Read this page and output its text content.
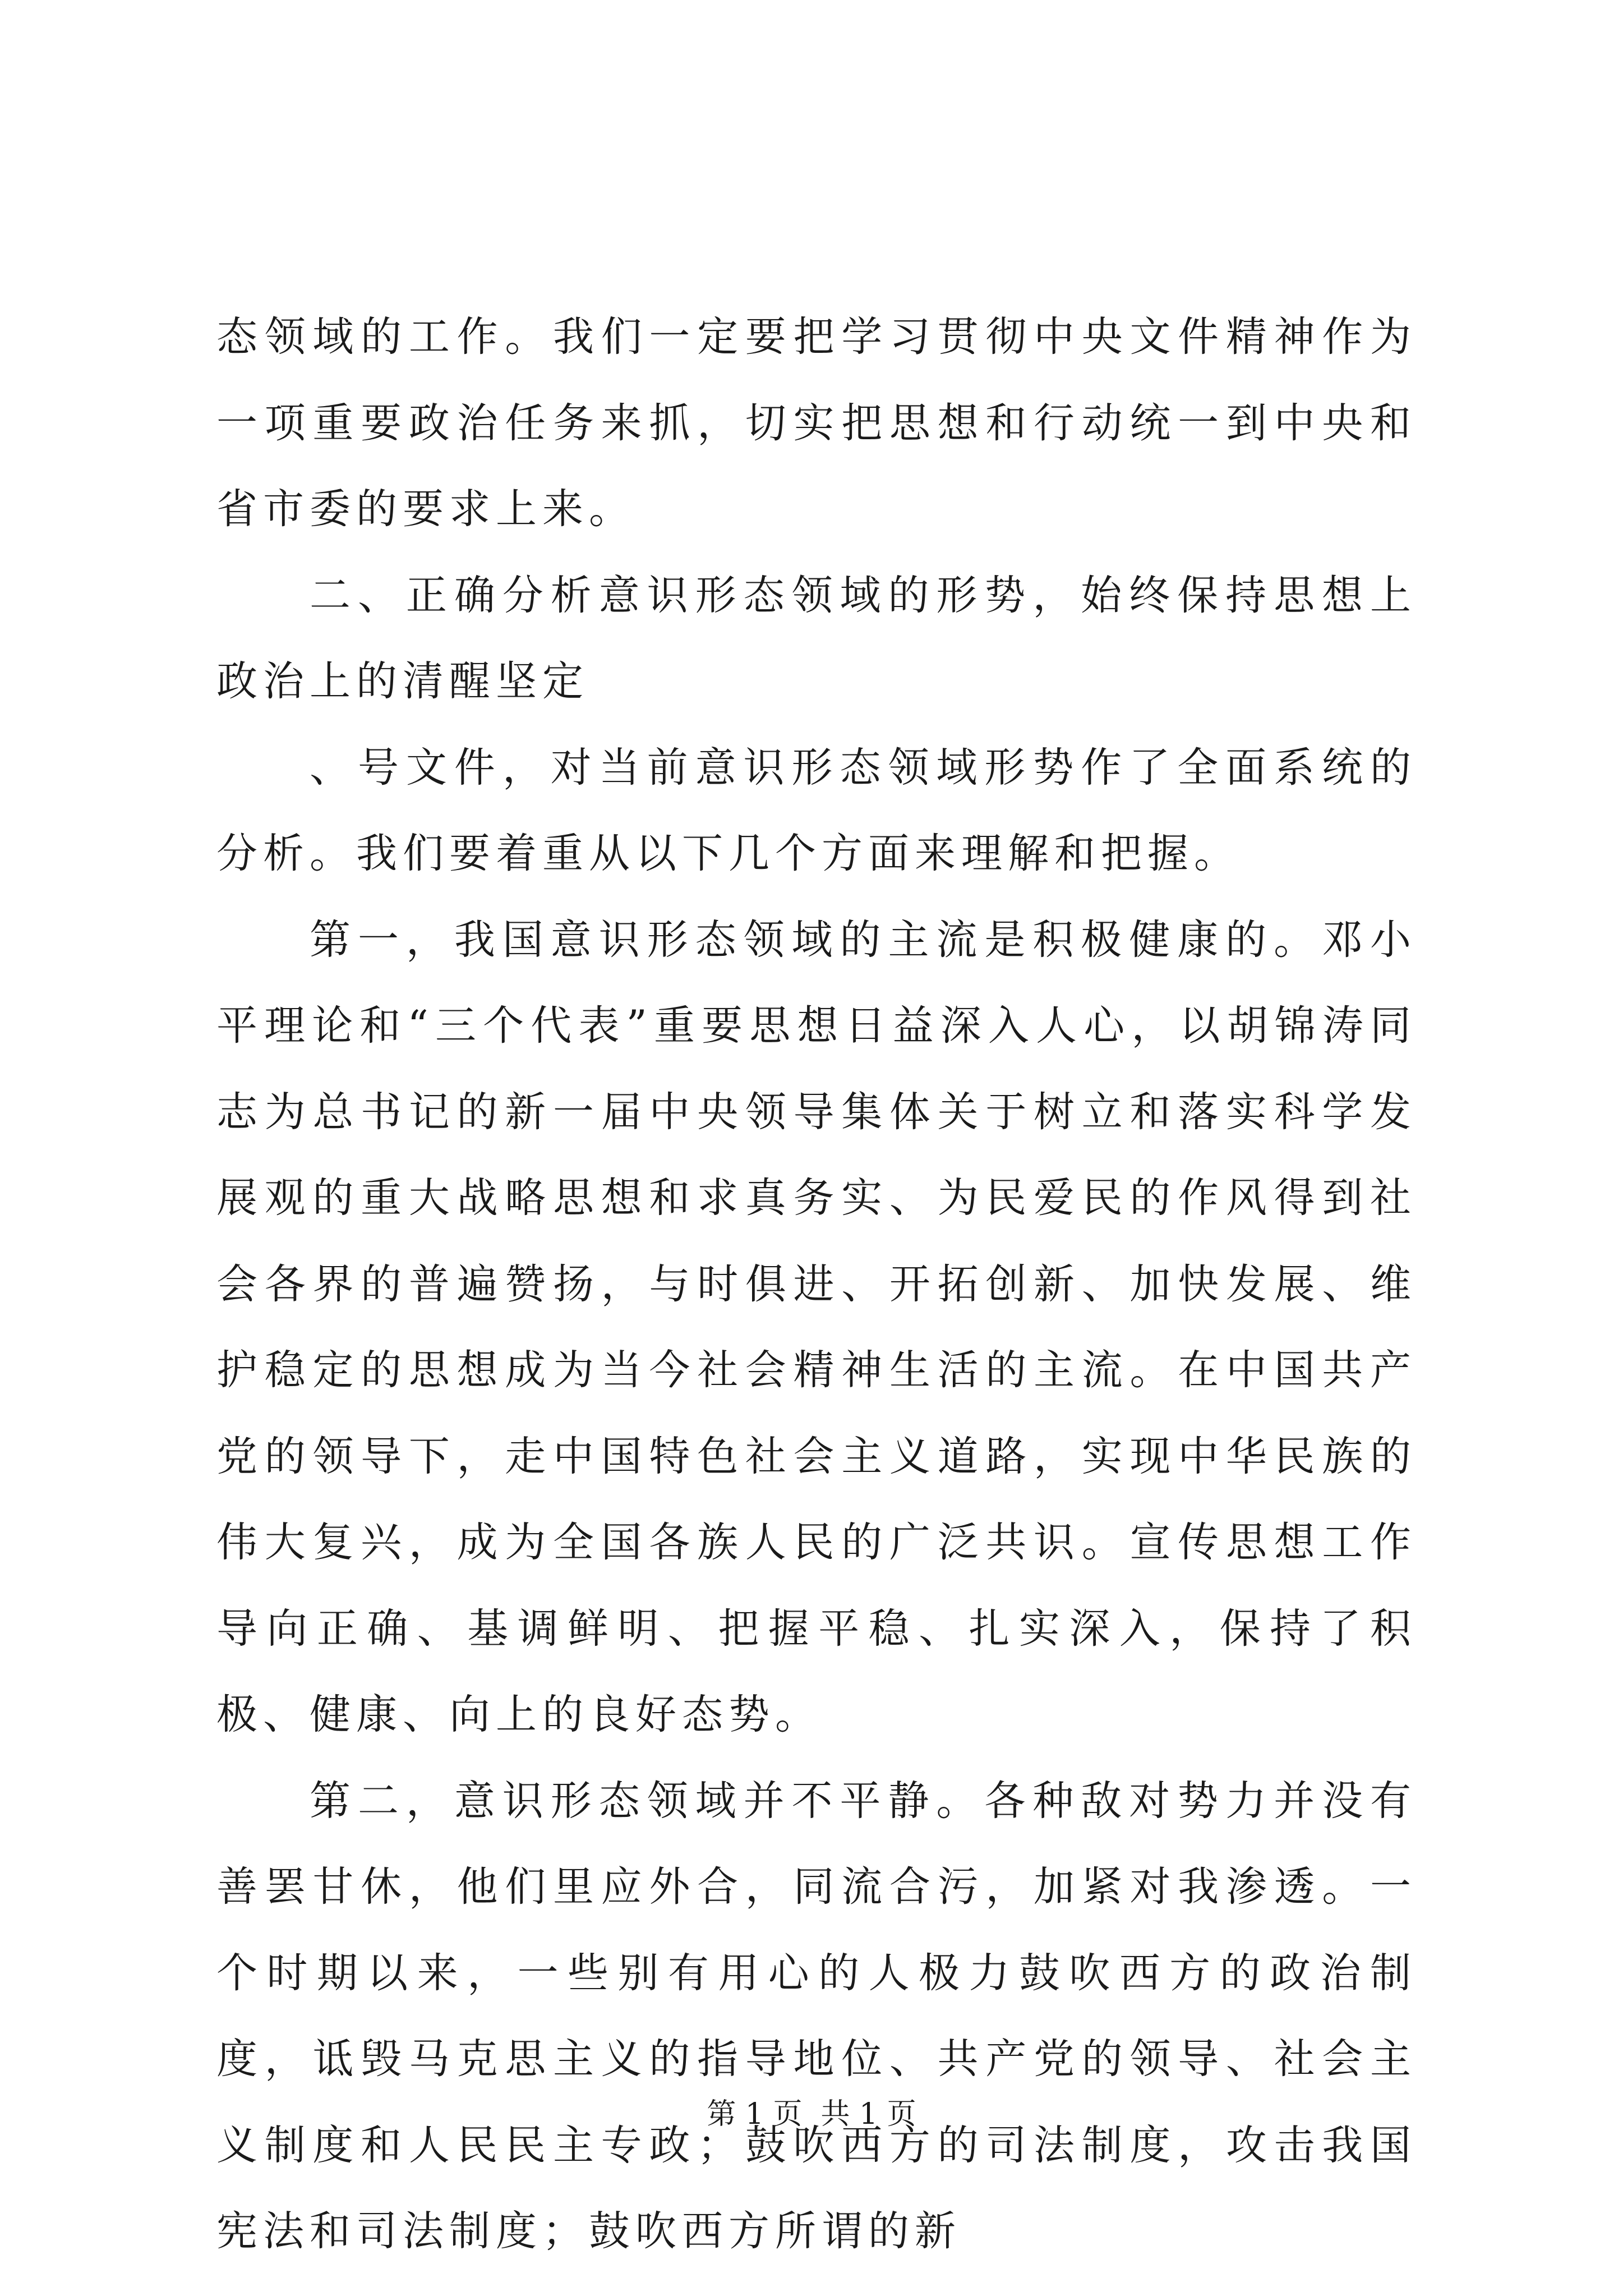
态领域的工作。我们一定要把学习贯彻中央文件精神作为一项重要政治任务来抓，切实把思想和行动统一到中央和省市委的要求上来。

二、正确分析意识形态领域的形势，始终保持思想上政治上的清醒坚定

、号文件，对当前意识形态领域形势作了全面系统的分析。我们要着重从以下几个方面来理解和把握。

第一，我国意识形态领域的主流是积极健康的。邓小平理论和“三个代表”重要思想日益深入人心，以胡锦涛同志为总书记的新一届中央领导集体关于树立和落实科学发展观的重大战略思想和求真务实、为民爱民的作风得到社会各界的普遍赞扬，与时俱进、开拓创新、加快发展、维护稳定的思想成为当今社会精神生活的主流。在中国共产党的领导下，走中国特色社会主义道路，实现中华民族的伟大复兴，成为全国各族人民的广泛共识。宣传思想工作导向正确、基调鲜明、把握平稳、扎实深入，保持了积极、健康、向上的良好态势。

第二，意识形态领域并不平静。各种敌对势力并没有善罢甘休，他们里应外合，同流合污，加紧对我渗透。一个时期以来，一些别有用心的人极力鼓吹西方的政治制度，诋毁马克思主义的指导地位、共产党的领导、社会主义制度和人民民主专政；鼓吹西方的司法制度，攻击我国宪法和司法制度；鼓吹西方所谓的新

第 1 页  共 1 页
